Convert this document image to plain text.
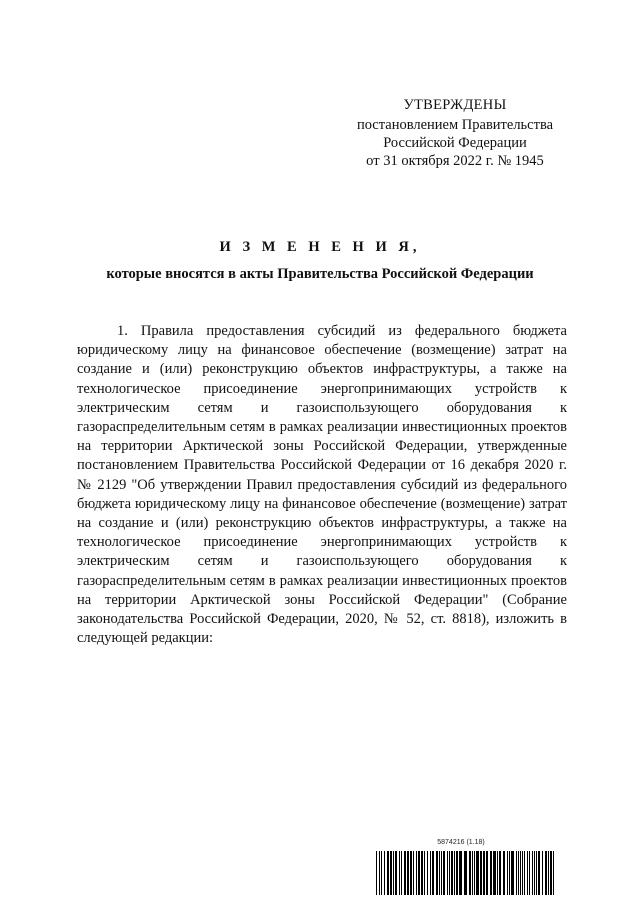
УТВЕРЖДЕНЫ
постановлением Правительства
Российской Федерации
от 31 октября 2022 г. № 1945
И З М Е Н Е Н И Я,
которые вносятся в акты Правительства Российской Федерации

1. Правила предоставления субсидий из федерального бюджета юридическому лицу на финансовое обеспечение (возмещение) затрат на создание и (или) реконструкцию объектов инфраструктуры, а также на технологическое присоединение энергопринимающих устройств к электрическим сетям и газоиспользующего оборудования к газораспределительным сетям в рамках реализации инвестиционных проектов на территории Арктической зоны Российской Федерации, утвержденные постановлением Правительства Российской Федерации от 16 декабря 2020 г. № 2129 "Об утверждении Правил предоставления субсидий из федерального бюджета юридическому лицу на финансовое обеспечение (возмещение) затрат на создание и (или) реконструкцию объектов инфраструктуры, а также на технологическое присоединение энергопринимающих устройств к электрическим сетям и газоиспользующего оборудования к газораспределительным сетям в рамках реализации инвестиционных проектов на территории Арктической зоны Российской Федерации" (Собрание законодательства Российской Федерации, 2020, № 52, ст. 8818), изложить в следующей редакции:

5874216 (1.18)
